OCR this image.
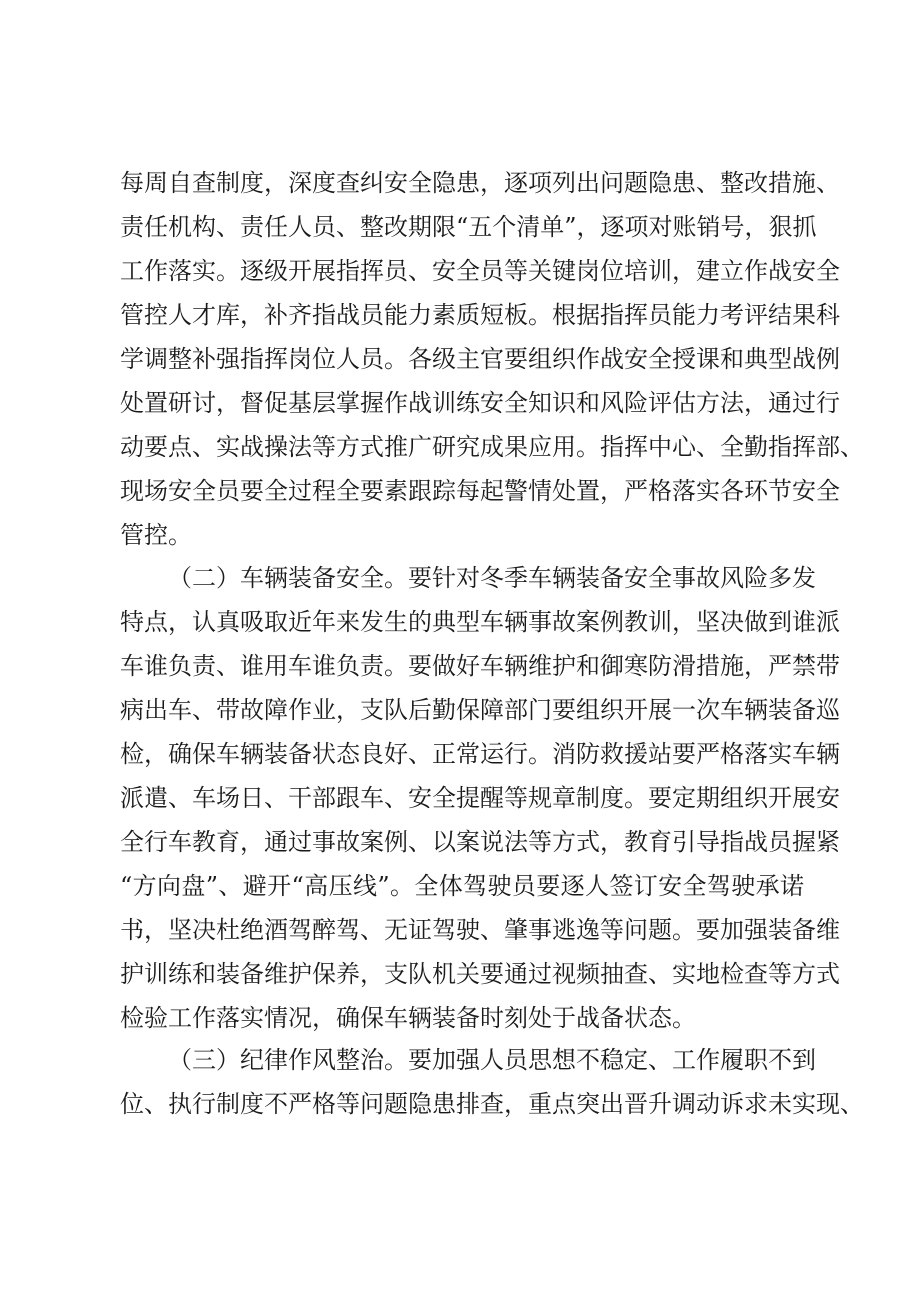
每周自查制度，深度查纠安全隐患，逐项列出问题隐患、整改措施、
责任机构、责任人员、整改期限“五个清单”，逐项对账销号，狠抓
工作落实。逐级开展指挥员、安全员等关键岗位培训，建立作战安全
管控人才库，补齐指战员能力素质短板。根据指挥员能力考评结果科
学调整补强指挥岗位人员。各级主官要组织作战安全授课和典型战例
处置研讨，督促基层掌握作战训练安全知识和风险评估方法，通过行
动要点、实战操法等方式推广研究成果应用。指挥中心、全勤指挥部、
现场安全员要全过程全要素跟踪每起警情处置，严格落实各环节安全
管控。
（二）车辆装备安全。要针对冬季车辆装备安全事故风险多发
特点，认真吸取近年来发生的典型车辆事故案例教训，坚决做到谁派
车谁负责、谁用车谁负责。要做好车辆维护和御寒防滑措施，严禁带
病出车、带故障作业，支队后勤保障部门要组织开展一次车辆装备巡
检，确保车辆装备状态良好、正常运行。消防救援站要严格落实车辆
派遣、车场日、干部跟车、安全提醒等规章制度。要定期组织开展安
全行车教育，通过事故案例、以案说法等方式，教育引导指战员握紧
“方向盘”、避开“高压线”。全体驾驶员要逐人签订安全驾驶承诺
书，坚决杜绝酒驾醉驾、无证驾驶、肇事逃逸等问题。要加强装备维
护训练和装备维护保养，支队机关要通过视频抽查、实地检查等方式
检验工作落实情况，确保车辆装备时刻处于战备状态。
（三）纪律作风整治。要加强人员思想不稳定、工作履职不到
位、执行制度不严格等问题隐患排查，重点突出晋升调动诉求未实现、
